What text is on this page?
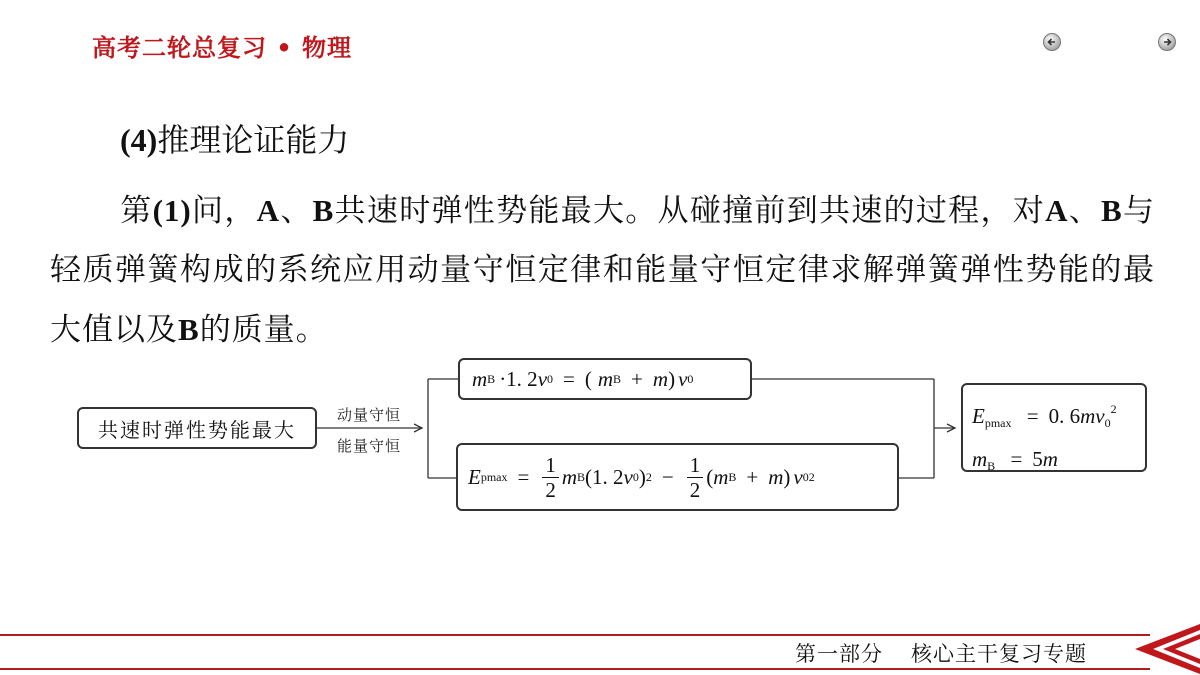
高考二轮总复习 • 物理
(4)推理论证能力
第(1)问，A、B共速时弹性势能最大。从碰撞前到共速的过程，对A、B与轻质弹簧构成的系统应用动量守恒定律和能量守恒定律求解弹簧弹性势能的最大值以及B的质量。
共速时弹性势能最大
动量守恒
能量守恒
m B ·1. 2 v 0 = ( m B + m ) v 0
E $pmax = \frac{1}{2}$ m B (1. 2 v 0 ) $2 - \frac{1}{2}$ ( m B + m ) v 0 2
$E_{pmax} = 0$. $6mv_0^2$
$m_B = 5m$
第一部分 核心主干复习专题
